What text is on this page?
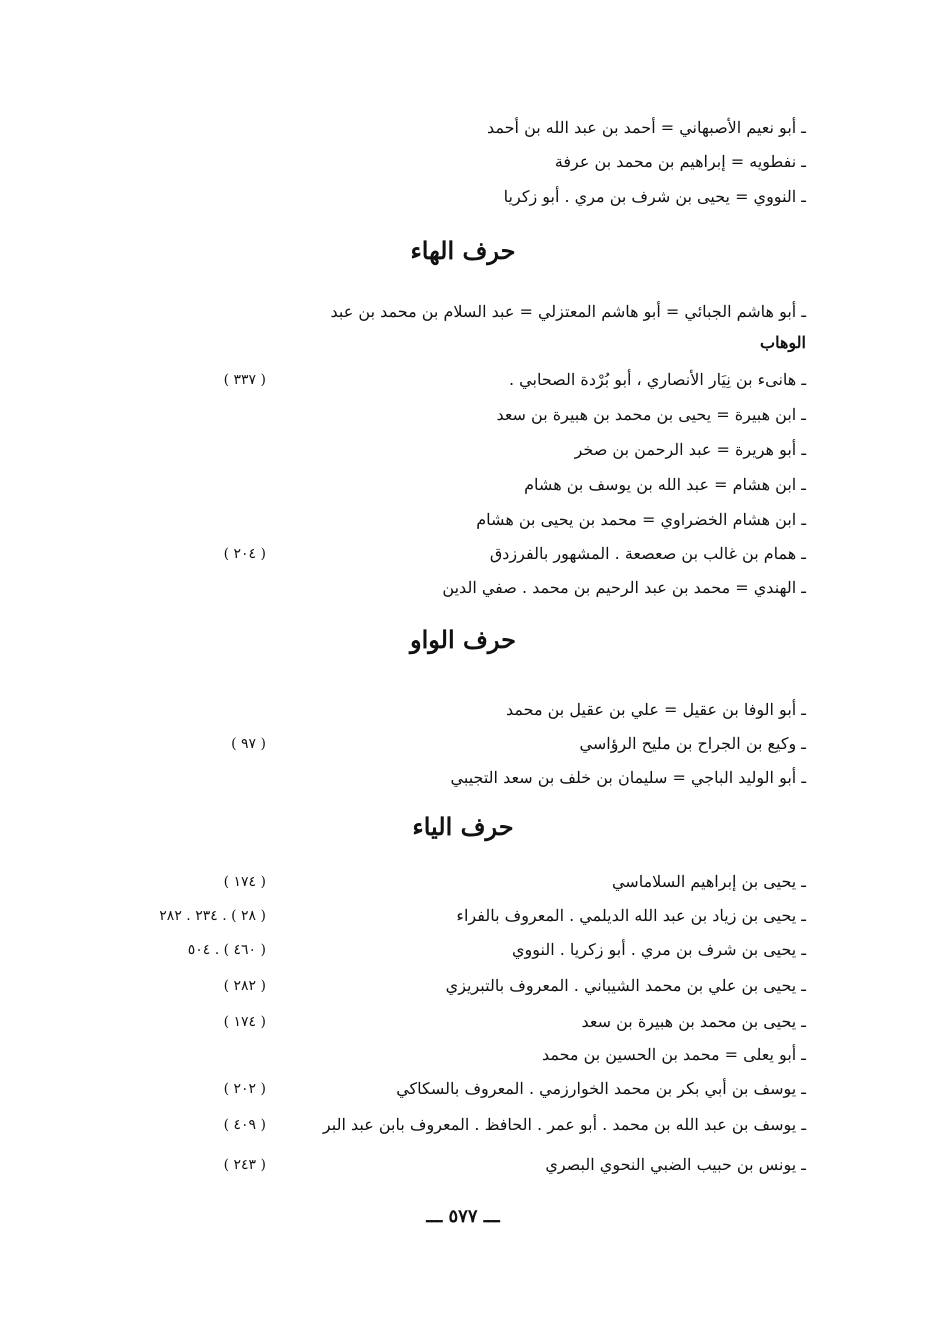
ـ أبو نعيم الأصبهاني = أحمد بن عبد الله بن أحمد
ـ نفطويه = إبراهيم بن محمد بن عرفة
ـ النووي = يحيى بن شرف بن مري . أبو زكريا
حرف الهاء
ـ أبو هاشم الجبائي = أبو هاشم المعتزلي = عبد السلام بن محمد بن عبد
الوهاب
ـ هانىء بن نِيَار الأنصاري ، أبو بُرْدة الصحابي .
( ٣٣٧ )
ـ ابن هبيرة = يحيى بن محمد بن هبيرة بن سعد
ـ أبو هريرة = عبد الرحمن بن صخر
ـ ابن هشام = عبد الله بن يوسف بن هشام
ـ ابن هشام الخضراوي = محمد بن يحيى بن هشام
ـ همام بن غالب بن صعصعة . المشهور بالفرزدق
( ٢٠٤ )
ـ الهندي = محمد بن عبد الرحيم بن محمد . صفي الدين
حرف الواو
ـ أبو الوفا بن عقيل = علي بن عقيل بن محمد
ـ وكيع بن الجراح بن مليح الرؤاسي
( ٩٧ )
ـ أبو الوليد الباجي = سليمان بن خلف بن سعد التجيبي
حرف الياء
ـ يحيى بن إبراهيم السلاماسي
( ١٧٤ )
ـ يحيى بن زياد بن عبد الله الديلمي . المعروف بالفراء
( ٢٨ ) . ٢٣٤ . ٢٨٢
ـ يحيى بن شرف بن مري . أبو زكريا . النووي
( ٤٦٠ ) . ٥٠٤
ـ يحيى بن علي بن محمد الشيباني . المعروف بالتبريزي
( ٢٨٢ )
ـ يحيى بن محمد بن هبيرة بن سعد
( ١٧٤ )
ـ أبو يعلى = محمد بن الحسين بن محمد
ـ يوسف بن أبي بكر بن محمد الخوارزمي . المعروف بالسكاكي
( ٢٠٢ )
ـ يوسف بن عبد الله بن محمد . أبو عمر . الحافظ . المعروف بابن عبد البر
( ٤٠٩ )
ـ يونس بن حبيب الضبي النحوي البصري
( ٢٤٣ )
ـــ ٥٧٧ ـــ
